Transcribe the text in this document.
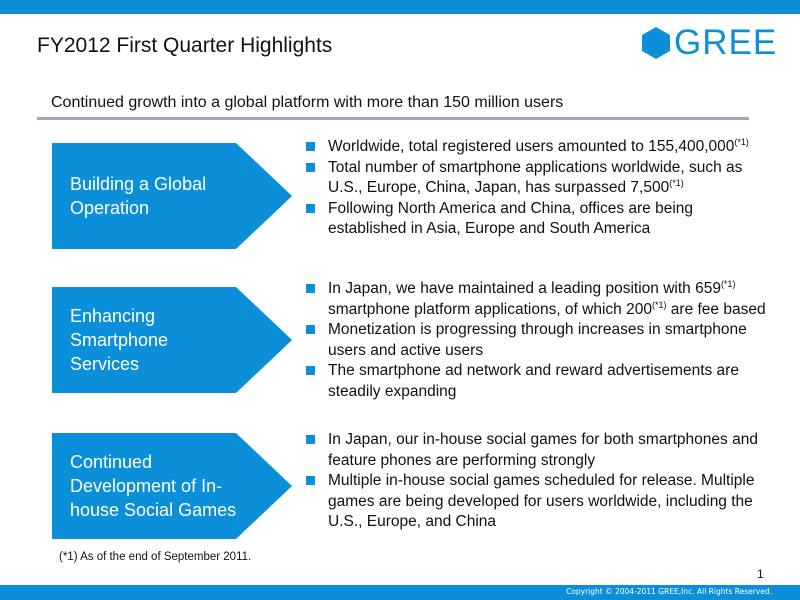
FY2012 First Quarter Highlights	GREE
Continued growth into a global platform with more than 150 million users
Building a Global
Operation
Worldwide, total registered users amounted to $155,400,000^{(*1)}$
Total number of smartphone applications worldwide, such as U.S., Europe, China, Japan, has surpassed $7,500^{(*1)}$
Following North America and China, offices are being established in Asia, Europe and South America
Enhancing
Smartphone
Services
In Japan, we have maintained a leading position with $659^{(*1)}$ smartphone platform applications, of which $200^{(*1)}$ are fee based
Monetization is progressing through increases in smartphone users and active users
The smartphone ad network and reward advertisements are steadily expanding
Continued
Development of In-
house Social Games
In Japan, our in-house social games for both smartphones and feature phones are performing strongly
Multiple in-house social games scheduled for release. Multiple games are being developed for users worldwide, including the U.S., Europe, and China
(*1) As of the end of September 2011.
1
Copyright © 2004-2011 GREE,Inc. All Rights Reserved.
